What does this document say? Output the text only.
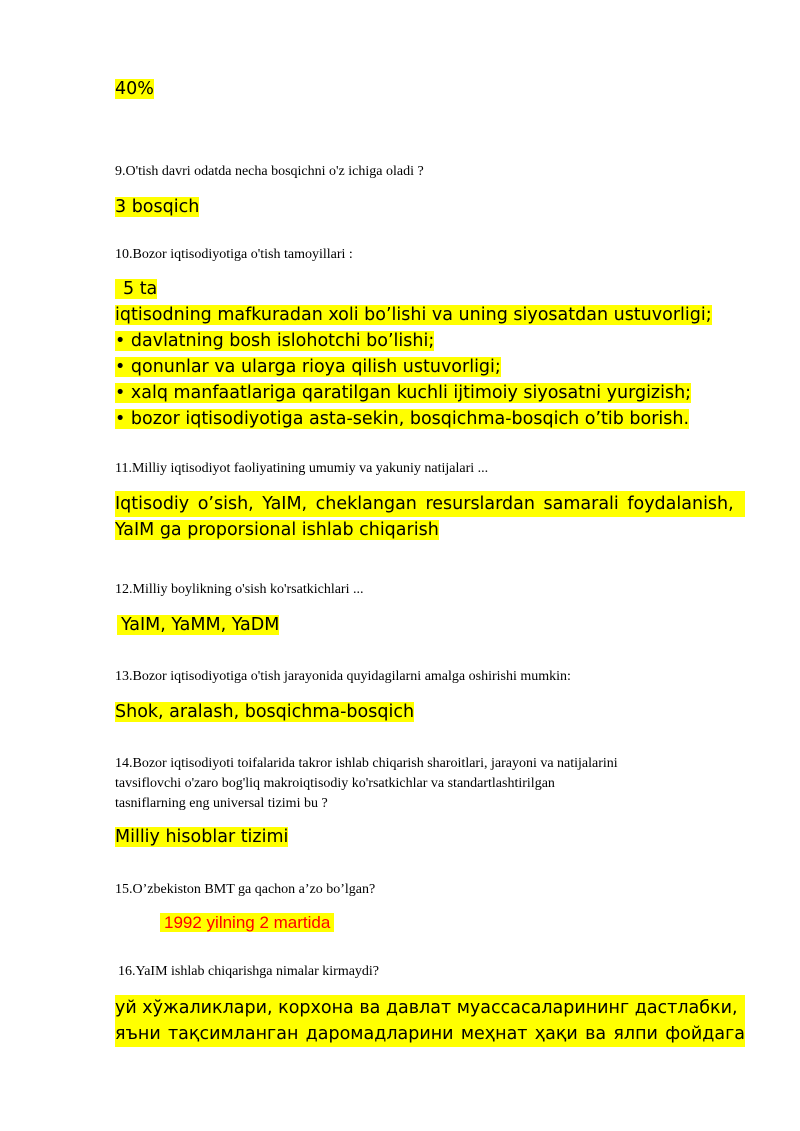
40%

9.O'tish davri odatda necha bosqichni o'z ichiga oladi ?

3 bosqich

10.Bozor iqtisodiyotiga o'tish tamoyillari :

5 ta
iqtisodning mafkuradan xoli bo’lishi va uning siyosatdan ustuvorligi;
• davlatning bosh islohotchi bo’lishi;
• qonunlar va ularga rioya qilish ustuvorligi;
• xalq manfaatlariga qaratilgan kuchli ijtimoiy siyosatni yurgizish;
• bozor iqtisodiyotiga asta-sekin, bosqichma-bosqich o’tib borish.

11.Milliy iqtisodiyot faoliyatining umumiy va yakuniy natijalari ...

Iqtisodiy o’sish, YaIM, cheklangan resurslardan samarali foydalanish,
YaIM ga proporsional ishlab chiqarish

12.Milliy boylikning o'sish ko'rsatkichlari ...

YaIM, YaMM, YaDM

13.Bozor iqtisodiyotiga o'tish jarayonida quyidagilarni amalga oshirishi mumkin:

Shok, aralash, bosqichma-bosqich

14.Bozor iqtisodiyoti toifalarida takror ishlab chiqarish sharoitlari, jarayoni va natijalarini
tavsiflovchi o'zaro bog'liq makroiqtisodiy ko'rsatkichlar va standartlashtirilgan
tasniflarning eng universal tizimi bu ?

Milliy hisoblar tizimi

15.O’zbekiston BMT ga qachon a’zo bo’lgan?

1992 yilning 2 martida

16.YaIM ishlab chiqarishga nimalar kirmaydi?

уй хўжаликлари, корхона ва давлат муассасаларининг дастлабки,
яъни тақсимланган даромадларини меҳнат ҳақи ва ялпи фойдага
